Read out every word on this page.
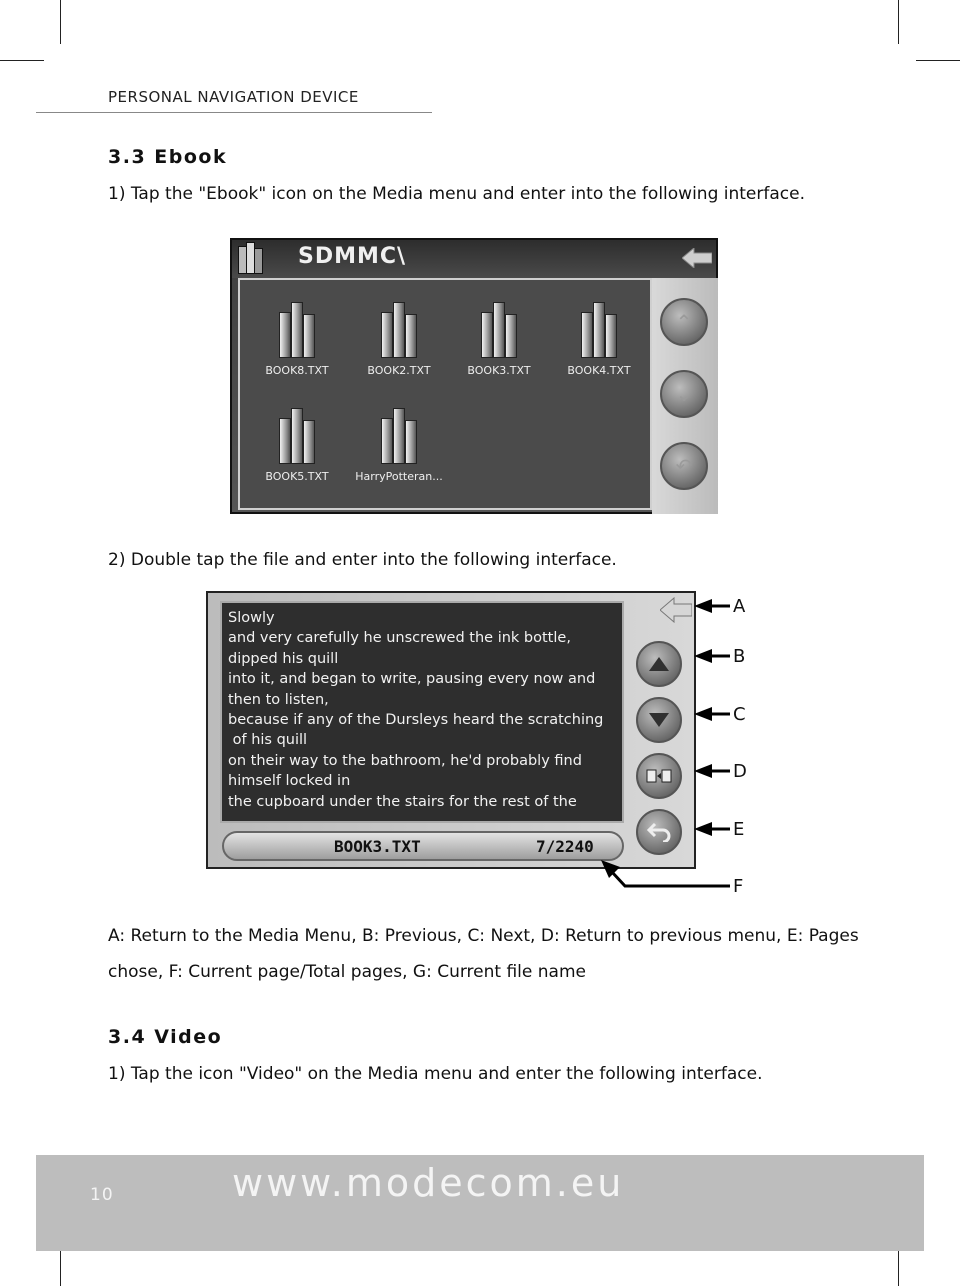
PERSONAL NAVIGATION DEVICE
3.3 Ebook
1) Tap the "Ebook" icon on the Media menu and enter into the following interface.
SDMMC\
BOOK8.TXT	BOOK2.TXT	BOOK3.TXT	BOOK4.TXT
BOOK5.TXT	HarryPotteran...
⌃
⌄
↶
2) Double tap the file and enter into the following interface.
Slowly
and very carefully he unscrewed the ink bottle,
dipped his quill
into it, and began to write, pausing every now and
then to listen,
because if any of the Dursleys heard the scratching
of his quill
on their way to the bathroom, he'd probably find
himself locked in
the cupboard under the stairs for the rest of the
BOOK3.TXT	7/2240
A
B
C
D
E
F
A: Return to the Media Menu, B: Previous, C: Next, D: Return to previous menu, E: Pages
chose, F: Current page/Total pages, G: Current file name
3.4 Video
1) Tap the icon "Video" on the Media menu and enter the following interface.
10	www.modecom.eu
